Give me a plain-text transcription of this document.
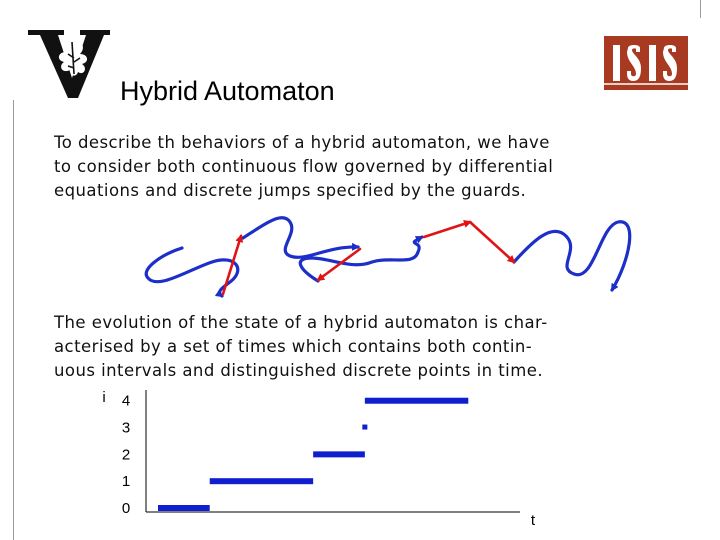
Hybrid Automaton
To describe th behaviors of a hybrid automaton, we have
to consider both continuous flow governed by differential
equations and discrete jumps specified by the guards.
The evolution of the state of a hybrid automaton is char-
acterised by a set of times which contains both contin-
uous intervals and distinguished discrete points in time.
i
t
0
1
2
3
4
